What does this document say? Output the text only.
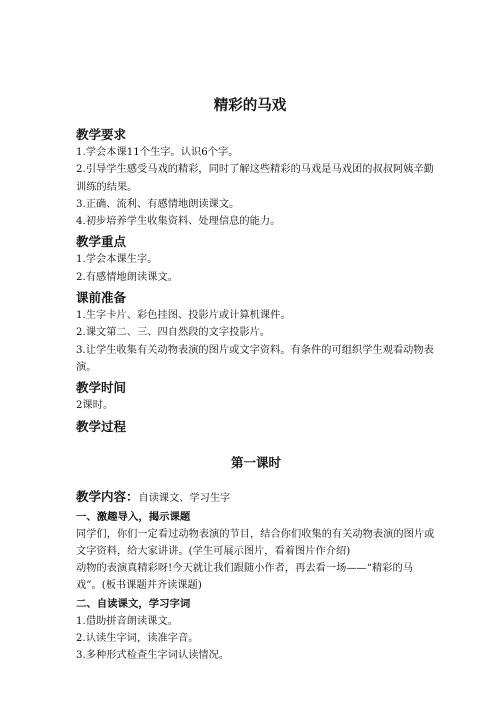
精彩的马戏
教学要求
1.学会本课11个生字。认识6个字。
2.引导学生感受马戏的精彩，同时了解这些精彩的马戏是马戏团的叔叔阿姨辛勤训练的结果。
3.正确、流利、有感情地朗读课文。
4.初步培养学生收集资料、处理信息的能力。
教学重点
1.学会本课生字。
2.有感情地朗读课文。
课前准备
1.生字卡片、彩色挂图、投影片或计算机课件。
2.课文第二、三、四自然段的文字投影片。
3.让学生收集有关动物表演的图片或文字资料。有条件的可组织学生观看动物表演。
教学时间
2课时。
教学过程
第一课时
教学内容：自读课文、学习生字
一、激趣导入，揭示课题
同学们，你们一定看过动物表演的节目，结合你们收集的有关动物表演的图片或文字资料，给大家讲讲。(学生可展示图片，看着图片作介绍)
动物的表演真精彩呀!今天就让我们跟随小作者，再去看一场——“精彩的马戏”。(板书课题并齐读课题)
二、自读课文，学习字词
1.借助拼音朗读课文。
2.认读生字词，读准字音。
3.多种形式检查生字词认读情况。
